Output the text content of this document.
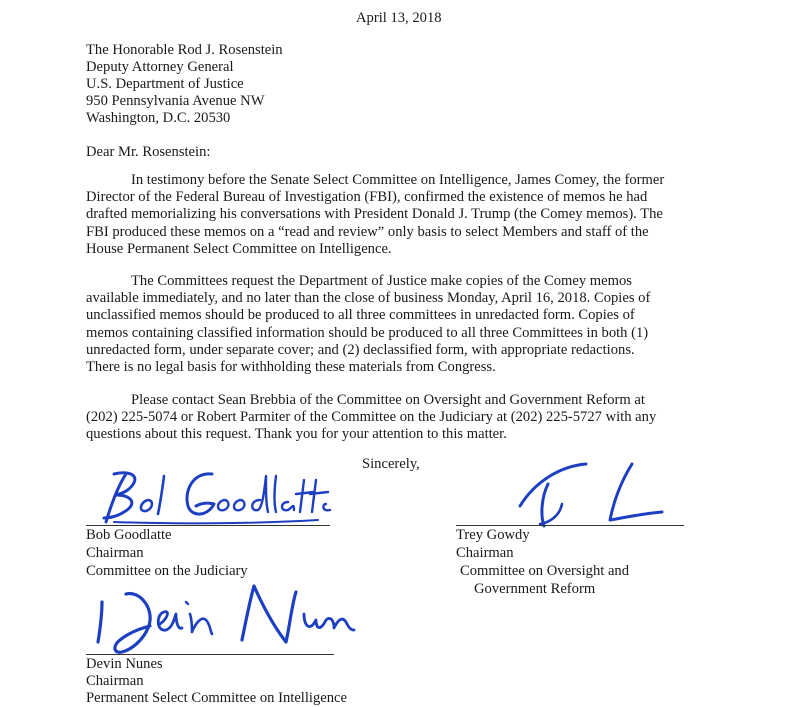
April 13, 2018
The Honorable Rod J. Rosenstein
Deputy Attorney General
U.S. Department of Justice
950 Pennsylvania Avenue NW
Washington, D.C. 20530
Dear Mr. Rosenstein:
In testimony before the Senate Select Committee on Intelligence, James Comey, the former
Director of the Federal Bureau of Investigation (FBI), confirmed the existence of memos he had
drafted memorializing his conversations with President Donald J. Trump (the Comey memos). The
FBI produced these memos on a “read and review” only basis to select Members and staff of the
House Permanent Select Committee on Intelligence.
The Committees request the Department of Justice make copies of the Comey memos
available immediately, and no later than the close of business Monday, April 16, 2018. Copies of
unclassified memos should be produced to all three committees in unredacted form. Copies of
memos containing classified information should be produced to all three Committees in both (1)
unredacted form, under separate cover; and (2) declassified form, with appropriate redactions.
There is no legal basis for withholding these materials from Congress.
Please contact Sean Brebbia of the Committee on Oversight and Government Reform at
(202) 225-5074 or Robert Parmiter of the Committee on the Judiciary at (202) 225-5727 with any
questions about this request. Thank you for your attention to this matter.
Sincerely,
Bob Goodlatte
Chairman
Committee on the Judiciary
Trey Gowdy
Chairman
Committee on Oversight and
Government Reform
Devin Nunes
Chairman
Permanent Select Committee on Intelligence
